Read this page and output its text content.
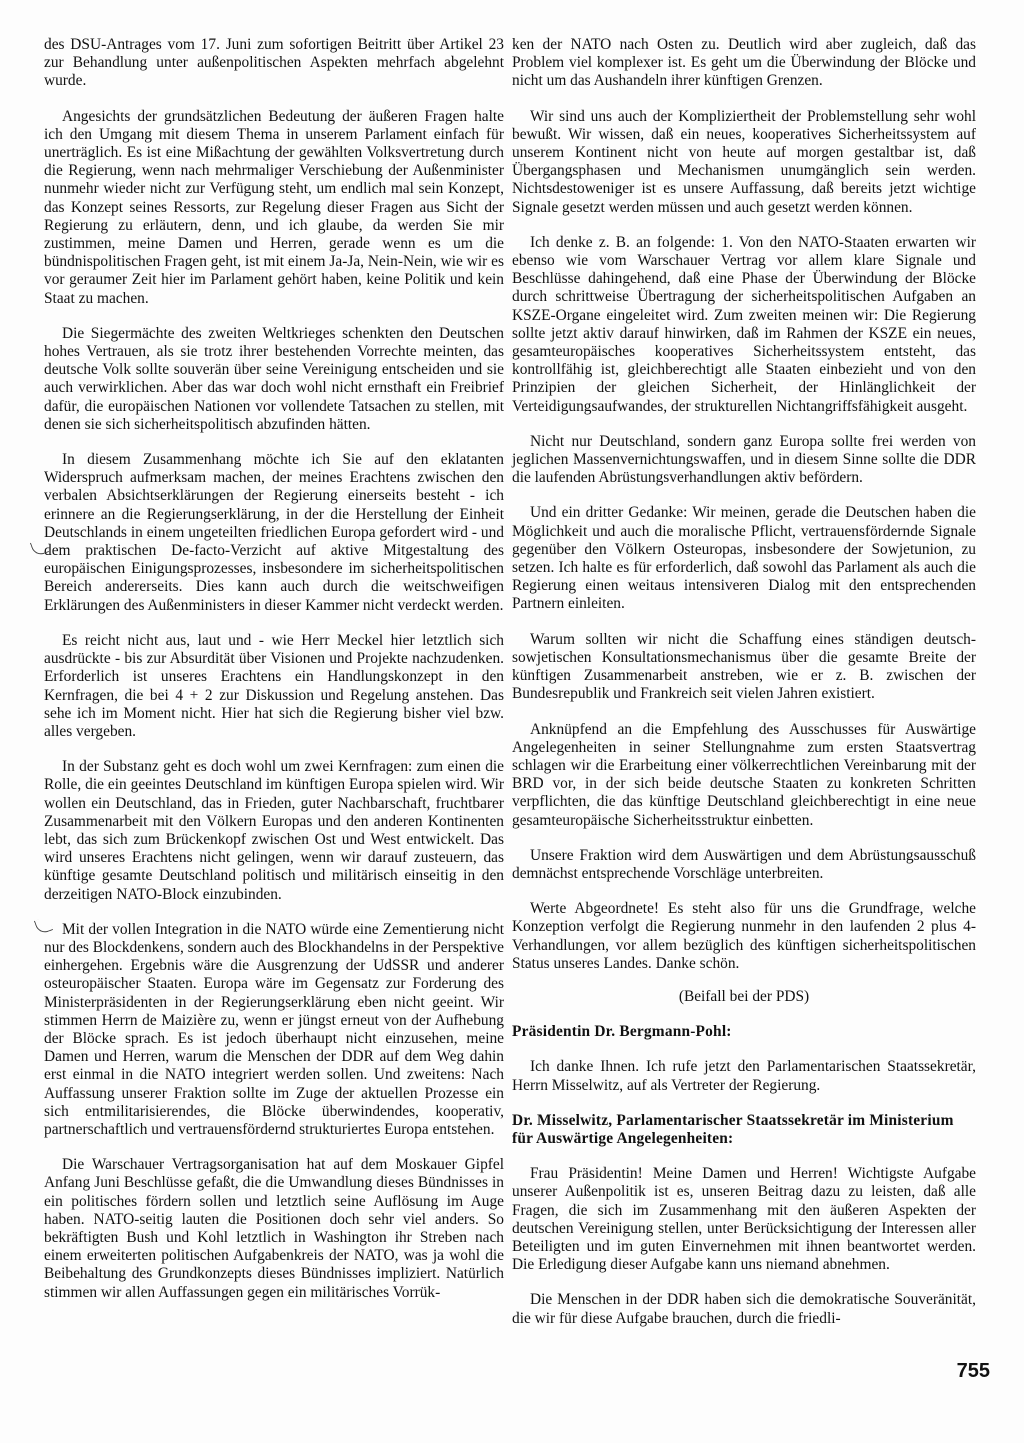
des DSU-Antrages vom 17. Juni zum sofortigen Beitritt über Artikel 23 zur Behandlung unter außenpolitischen Aspekten mehrfach abgelehnt wurde.

Angesichts der grundsätzlichen Bedeutung der äußeren Fragen halte ich den Umgang mit diesem Thema in unserem Parlament einfach für unerträglich. Es ist eine Mißachtung der gewählten Volksvertretung durch die Regierung, wenn nach mehrmaliger Verschiebung der Außenminister nunmehr wieder nicht zur Verfügung steht, um endlich mal sein Konzept, das Konzept seines Ressorts, zur Regelung dieser Fragen aus Sicht der Regierung zu erläutern, denn, und ich glaube, da werden Sie mir zustimmen, meine Damen und Herren, gerade wenn es um die bündnispolitischen Fragen geht, ist mit einem Ja-Ja, Nein-Nein, wie wir es vor geraumer Zeit hier im Parlament gehört haben, keine Politik und kein Staat zu machen.

Die Siegermächte des zweiten Weltkrieges schenkten den Deutschen hohes Vertrauen, als sie trotz ihrer bestehenden Vorrechte meinten, das deutsche Volk sollte souverän über seine Vereinigung entscheiden und sie auch verwirklichen. Aber das war doch wohl nicht ernsthaft ein Freibrief dafür, die europäischen Nationen vor vollendete Tatsachen zu stellen, mit denen sie sich sicherheitspolitisch abzufinden hätten.

In diesem Zusammenhang möchte ich Sie auf den eklatanten Widerspruch aufmerksam machen, der meines Erachtens zwischen den verbalen Absichtserklärungen der Regierung einerseits besteht - ich erinnere an die Regierungserklärung, in der die Herstellung der Einheit Deutschlands in einem ungeteilten friedlichen Europa gefordert wird - und dem praktischen De-facto-Verzicht auf aktive Mitgestaltung des europäischen Einigungsprozesses, insbesondere im sicherheitspolitischen Bereich andererseits. Dies kann auch durch die weitschweifigen Erklärungen des Außenministers in dieser Kammer nicht verdeckt werden.

Es reicht nicht aus, laut und - wie Herr Meckel hier letztlich sich ausdrückte - bis zur Absurdität über Visionen und Projekte nachzudenken. Erforderlich ist unseres Erachtens ein Handlungskonzept in den Kernfragen, die bei 4 + 2 zur Diskussion und Regelung anstehen. Das sehe ich im Moment nicht. Hier hat sich die Regierung bisher viel bzw. alles vergeben.

In der Substanz geht es doch wohl um zwei Kernfragen: zum einen die Rolle, die ein geeintes Deutschland im künftigen Europa spielen wird. Wir wollen ein Deutschland, das in Frieden, guter Nachbarschaft, fruchtbarer Zusammenarbeit mit den Völkern Europas und den anderen Kontinenten lebt, das sich zum Brückenkopf zwischen Ost und West entwickelt. Das wird unseres Erachtens nicht gelingen, wenn wir darauf zusteuern, das künftige gesamte Deutschland politisch und militärisch einseitig in den derzeitigen NATO-Block einzubinden.

Mit der vollen Integration in die NATO würde eine Zementierung nicht nur des Blockdenkens, sondern auch des Blockhandelns in der Perspektive einhergehen. Ergebnis wäre die Ausgrenzung der UdSSR und anderer osteuropäischer Staaten. Europa wäre im Gegensatz zur Forderung des Ministerpräsidenten in der Regierungserklärung eben nicht geeint. Wir stimmen Herrn de Maizière zu, wenn er jüngst erneut von der Aufhebung der Blöcke sprach. Es ist jedoch überhaupt nicht einzusehen, meine Damen und Herren, warum die Menschen der DDR auf dem Weg dahin erst einmal in die NATO integriert werden sollen. Und zweitens: Nach Auffassung unserer Fraktion sollte im Zuge der aktuellen Prozesse ein sich entmilitarisierendes, die Blöcke überwindendes, kooperativ, partnerschaftlich und vertrauensfördernd strukturiertes Europa entstehen.

Die Warschauer Vertragsorganisation hat auf dem Moskauer Gipfel Anfang Juni Beschlüsse gefaßt, die die Umwandlung dieses Bündnisses in ein politisches fördern sollen und letztlich seine Auflösung im Auge haben. NATO-seitig lauten die Positionen doch sehr viel anders. So bekräftigten Bush und Kohl letztlich in Washington ihr Streben nach einem erweiterten politischen Aufgabenkreis der NATO, was ja wohl die Beibehaltung des Grundkonzepts dieses Bündnisses impliziert. Natürlich stimmen wir allen Auffassungen gegen ein militärisches Vorrük-

ken der NATO nach Osten zu. Deutlich wird aber zugleich, daß das Problem viel komplexer ist. Es geht um die Überwindung der Blöcke und nicht um das Aushandeln ihrer künftigen Grenzen.

Wir sind uns auch der Kompliziertheit der Problemstellung sehr wohl bewußt. Wir wissen, daß ein neues, kooperatives Sicherheitssystem auf unserem Kontinent nicht von heute auf morgen gestaltbar ist, daß Übergangsphasen und Mechanismen unumgänglich sein werden. Nichtsdestoweniger ist es unsere Auffassung, daß bereits jetzt wichtige Signale gesetzt werden müssen und auch gesetzt werden können.

Ich denke z. B. an folgende: 1. Von den NATO-Staaten erwarten wir ebenso wie vom Warschauer Vertrag vor allem klare Signale und Beschlüsse dahingehend, daß eine Phase der Überwindung der Blöcke durch schrittweise Übertragung der sicherheitspolitischen Aufgaben an KSZE-Organe eingeleitet wird. Zum zweiten meinen wir: Die Regierung sollte jetzt aktiv darauf hinwirken, daß im Rahmen der KSZE ein neues, gesamteuropäisches kooperatives Sicherheitssystem entsteht, das kontrollfähig ist, gleichberechtigt alle Staaten einbezieht und von den Prinzipien der gleichen Sicherheit, der Hinlänglichkeit der Verteidigungsaufwandes, der strukturellen Nichtangriffsfähigkeit ausgeht.

Nicht nur Deutschland, sondern ganz Europa sollte frei werden von jeglichen Massenvernichtungswaffen, und in diesem Sinne sollte die DDR die laufenden Abrüstungsverhandlungen aktiv befördern.

Und ein dritter Gedanke: Wir meinen, gerade die Deutschen haben die Möglichkeit und auch die moralische Pflicht, vertrauensfördernde Signale gegenüber den Völkern Osteuropas, insbesondere der Sowjetunion, zu setzen. Ich halte es für erforderlich, daß sowohl das Parlament als auch die Regierung einen weitaus intensiveren Dialog mit den entsprechenden Partnern einleiten.

Warum sollten wir nicht die Schaffung eines ständigen deutsch-sowjetischen Konsultationsmechanismus über die gesamte Breite der künftigen Zusammenarbeit anstreben, wie er z. B. zwischen der Bundesrepublik und Frankreich seit vielen Jahren existiert.

Anknüpfend an die Empfehlung des Ausschusses für Auswärtige Angelegenheiten in seiner Stellungnahme zum ersten Staatsvertrag schlagen wir die Erarbeitung einer völkerrechtlichen Vereinbarung mit der BRD vor, in der sich beide deutsche Staaten zu konkreten Schritten verpflichten, die das künftige Deutschland gleichberechtigt in eine neue gesamteuropäische Sicherheitsstruktur einbetten.

Unsere Fraktion wird dem Auswärtigen und dem Abrüstungsausschuß demnächst entsprechende Vorschläge unterbreiten.

Werte Abgeordnete! Es steht also für uns die Grundfrage, welche Konzeption verfolgt die Regierung nunmehr in den laufenden 2 plus 4-Verhandlungen, vor allem bezüglich des künftigen sicherheitspolitischen Status unseres Landes. Danke schön.

(Beifall bei der PDS)

Präsidentin Dr. Bergmann-Pohl:

Ich danke Ihnen. Ich rufe jetzt den Parlamentarischen Staatssekretär, Herrn Misselwitz, auf als Vertreter der Regierung.

Dr. Misselwitz, Parlamentarischer Staatssekretär im Ministerium für Auswärtige Angelegenheiten:

Frau Präsidentin! Meine Damen und Herren! Wichtigste Aufgabe unserer Außenpolitik ist es, unseren Beitrag dazu zu leisten, daß alle Fragen, die sich im Zusammenhang mit den äußeren Aspekten der deutschen Vereinigung stellen, unter Berücksichtigung der Interessen aller Beteiligten und im guten Einvernehmen mit ihnen beantwortet werden. Die Erledigung dieser Aufgabe kann uns niemand abnehmen.

Die Menschen in der DDR haben sich die demokratische Souveränität, die wir für diese Aufgabe brauchen, durch die friedli-

755
